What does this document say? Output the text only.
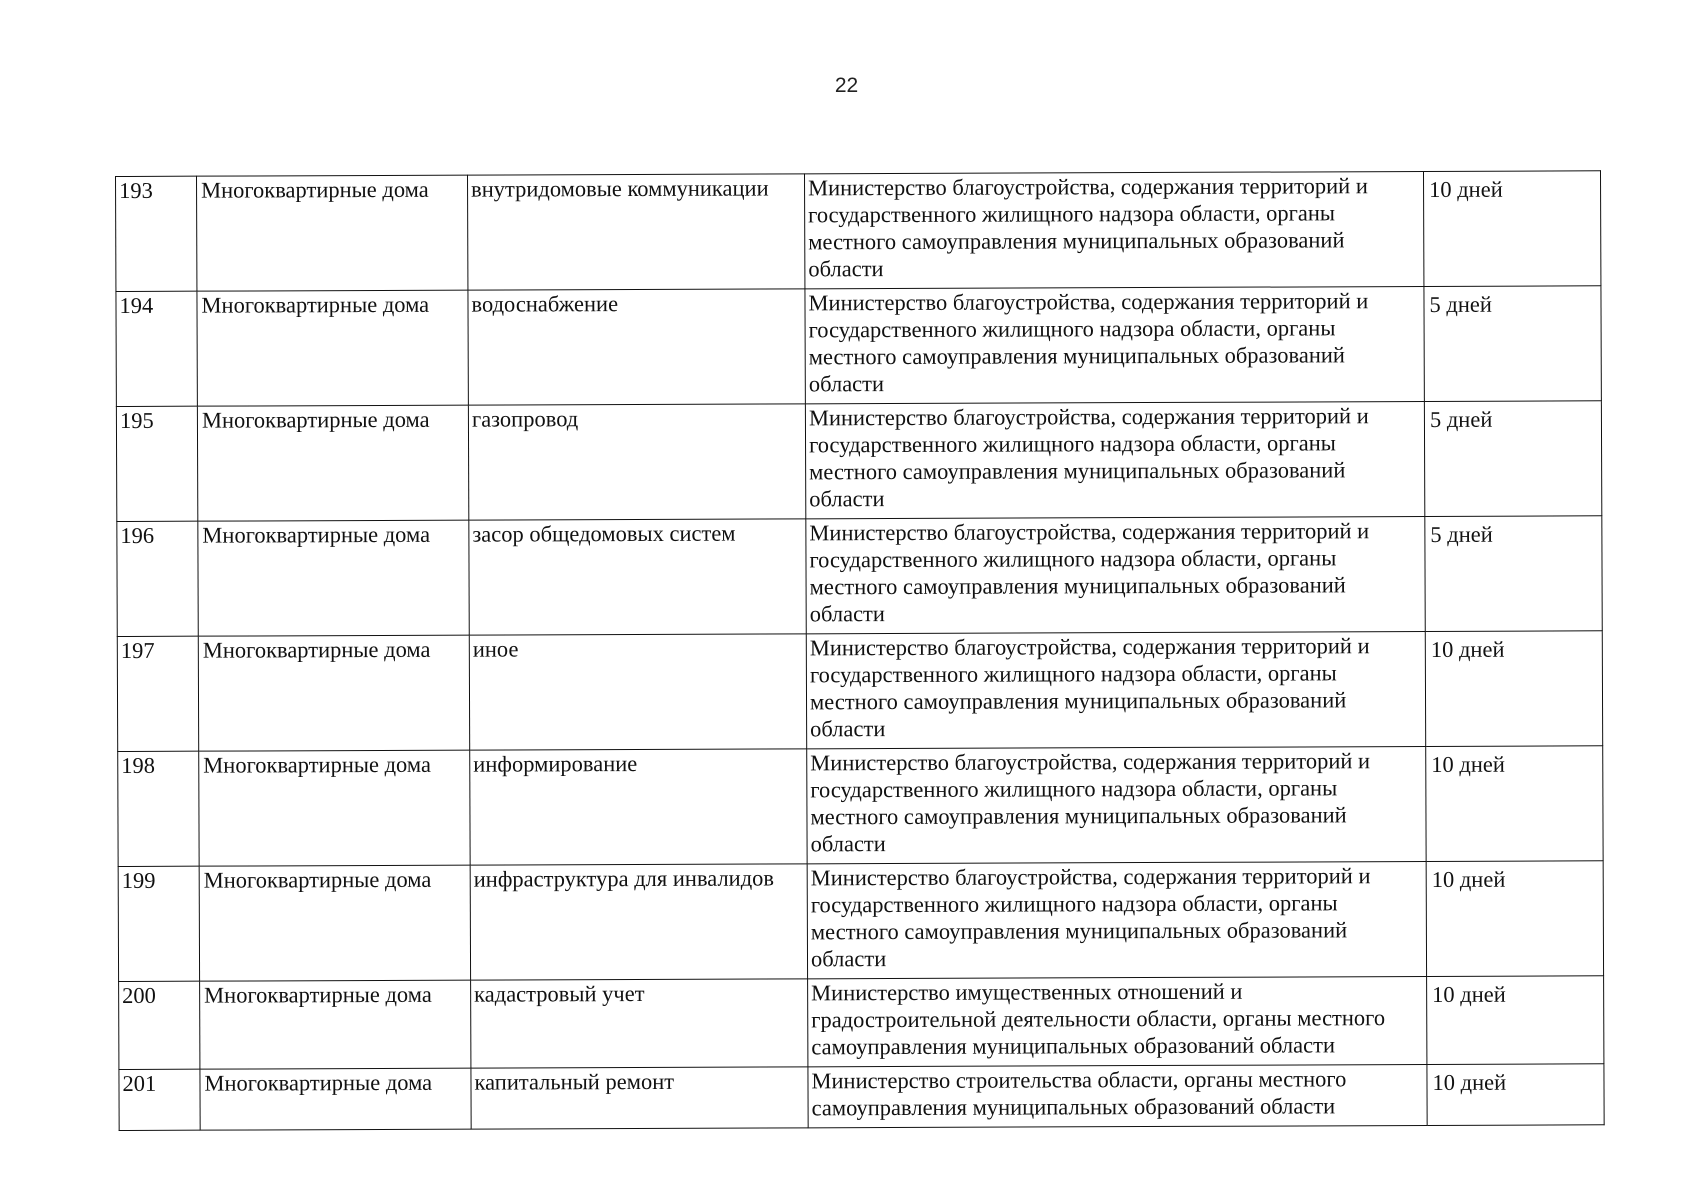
22
193	Многоквартирные дома	внутридомовые коммуникации	Министерство благоустройства, содержания территорий и государственного жилищного надзора области, органы местного самоуправления муниципальных образований области	10 дней
194	Многоквартирные дома	водоснабжение	Министерство благоустройства, содержания территорий и государственного жилищного надзора области, органы местного самоуправления муниципальных образований области	5 дней
195	Многоквартирные дома	газопровод	Министерство благоустройства, содержания территорий и государственного жилищного надзора области, органы местного самоуправления муниципальных образований области	5 дней
196	Многоквартирные дома	засор общедомовых систем	Министерство благоустройства, содержания территорий и государственного жилищного надзора области, органы местного самоуправления муниципальных образований области	5 дней
197	Многоквартирные дома	иное	Министерство благоустройства, содержания территорий и государственного жилищного надзора области, органы местного самоуправления муниципальных образований области	10 дней
198	Многоквартирные дома	информирование	Министерство благоустройства, содержания территорий и государственного жилищного надзора области, органы местного самоуправления муниципальных образований области	10 дней
199	Многоквартирные дома	инфраструктура для инвалидов	Министерство благоустройства, содержания территорий и государственного жилищного надзора области, органы местного самоуправления муниципальных образований области	10 дней
200	Многоквартирные дома	кадастровый учет	Министерство имущественных отношений и градостроительной деятельности области, органы местного самоуправления муниципальных образований области	10 дней
201	Многоквартирные дома	капитальный ремонт	Министерство строительства области, органы местного самоуправления муниципальных образований области	10 дней
